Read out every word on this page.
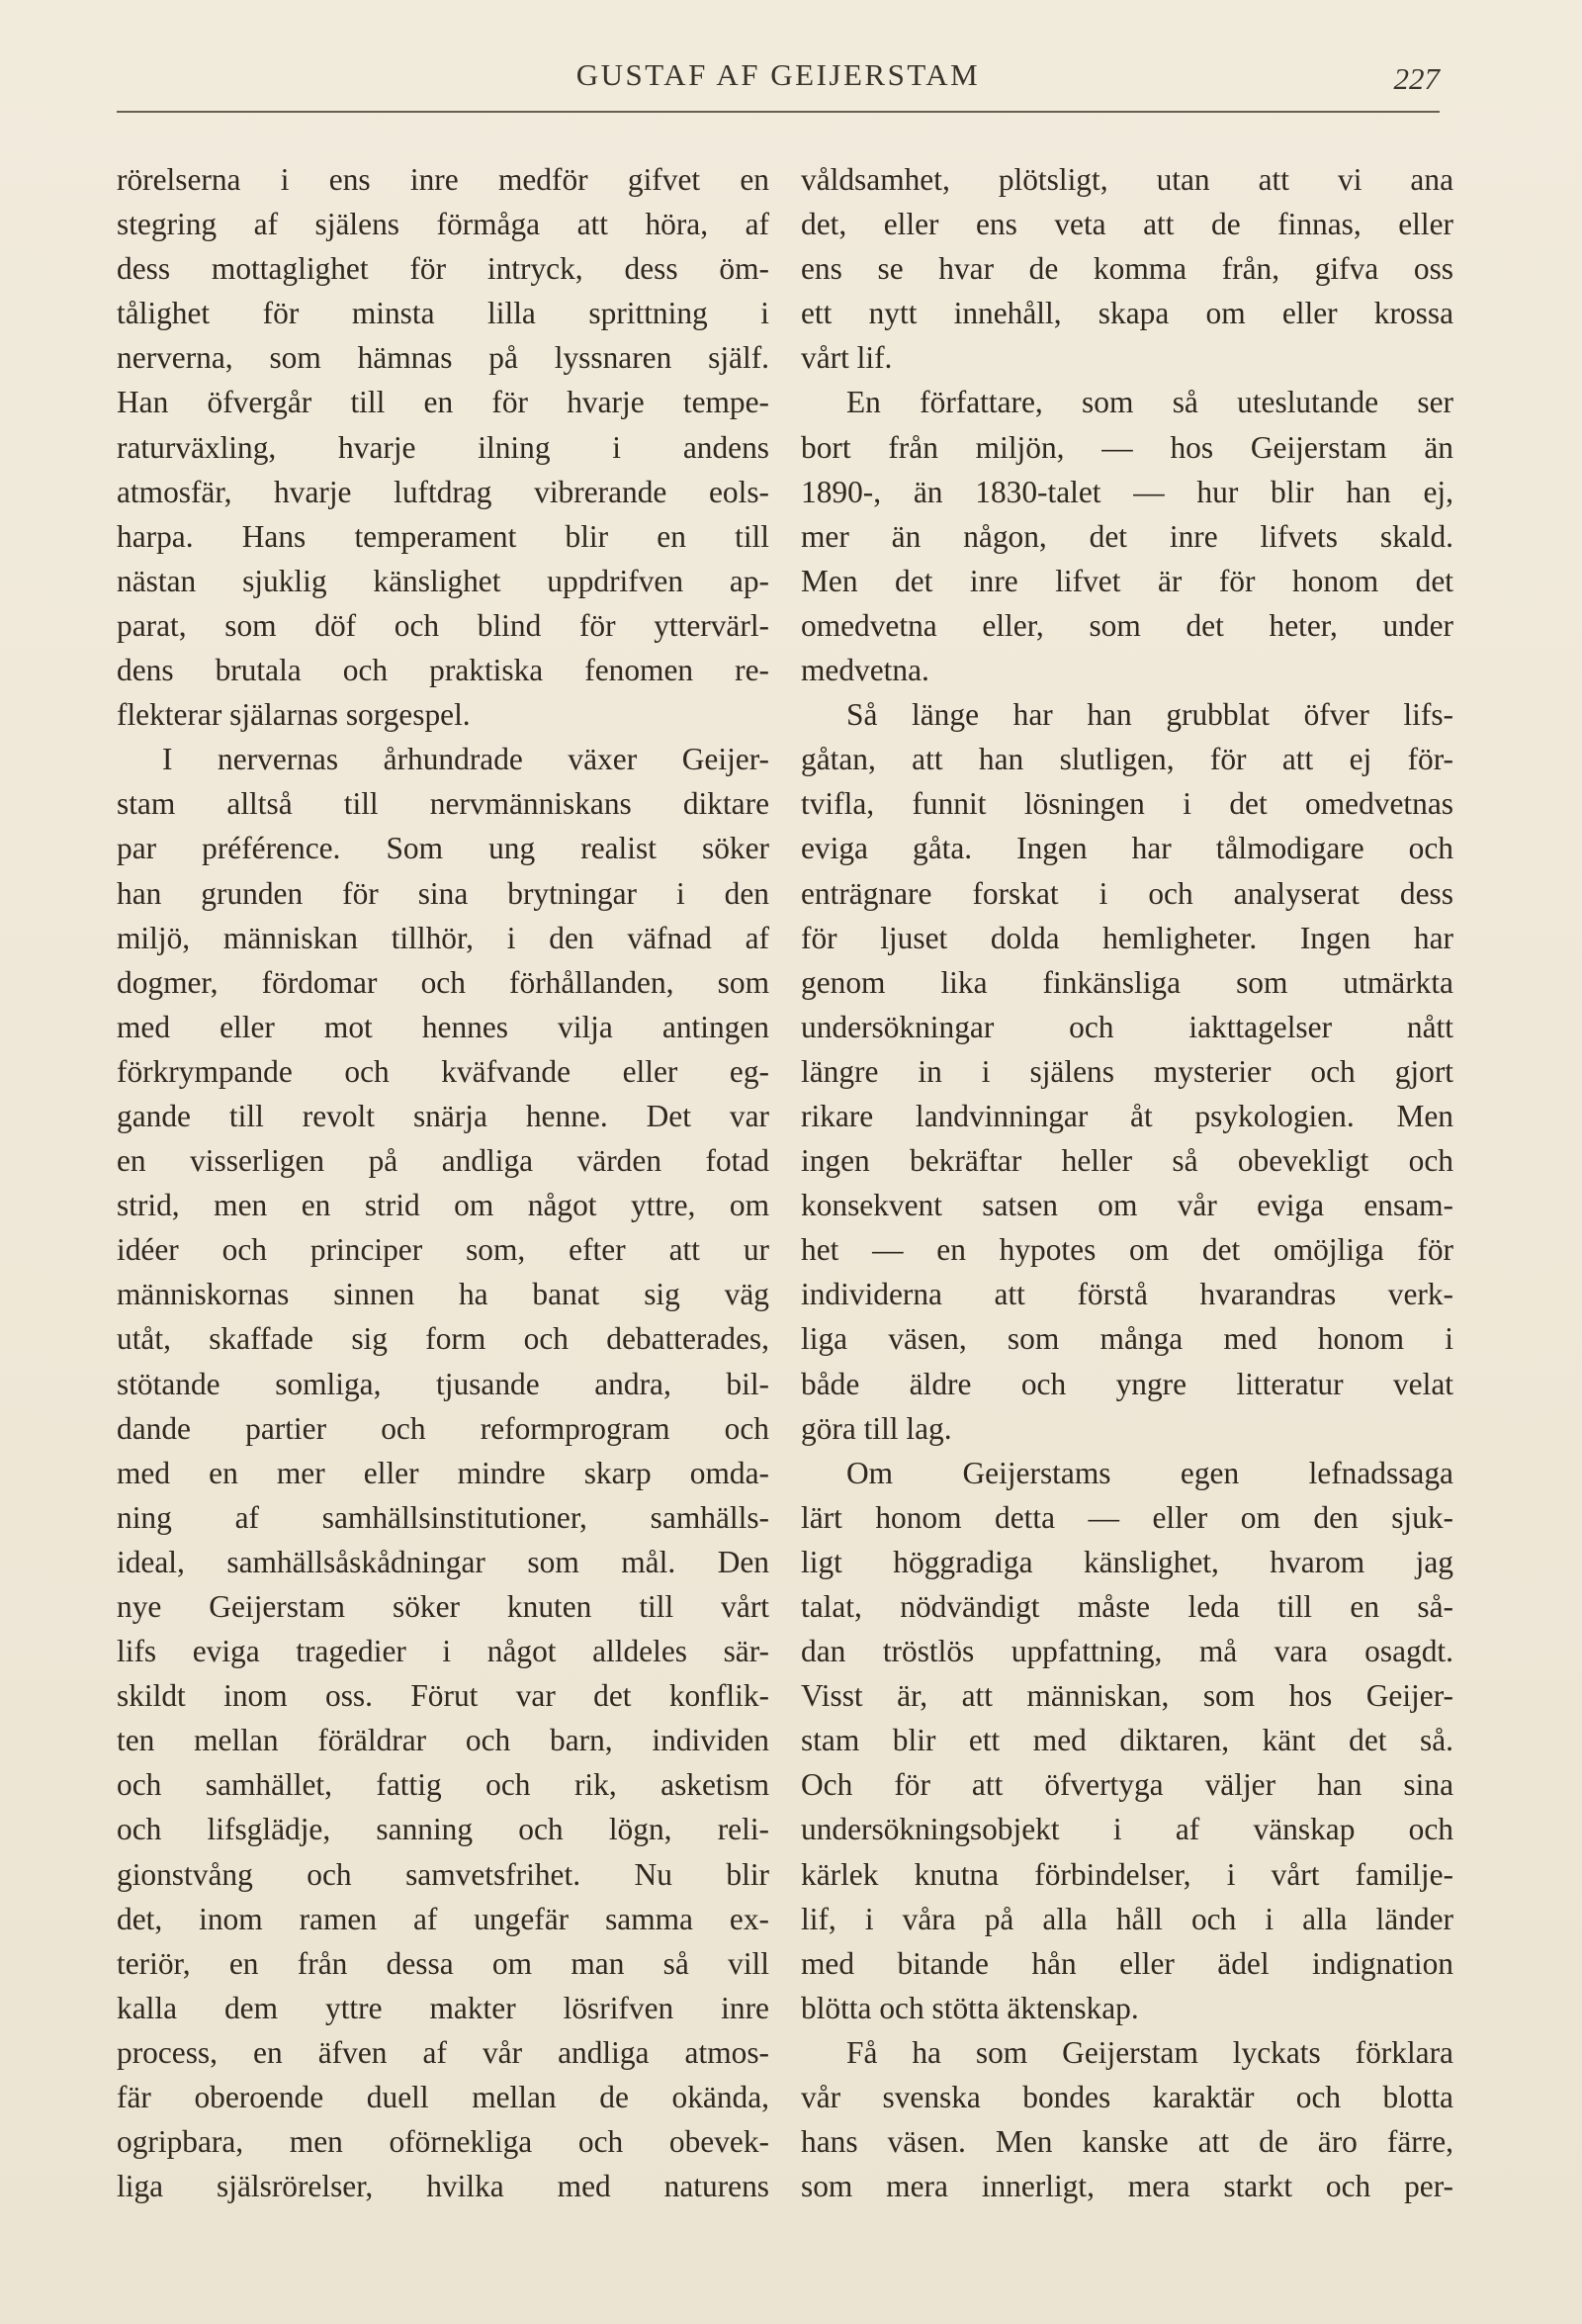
GUSTAF AF GEIJERSTAM	227
rörelserna i ens inre medför gifvet en
stegring af själens förmåga att höra, af
dess mottaglighet för intryck, dess öm-
tålighet för minsta lilla sprittning i
nerverna, som hämnas på lyssnaren själf.
Han öfvergår till en för hvarje tempe-
raturväxling, hvarje ilning i andens
atmosfär, hvarje luftdrag vibrerande eols-
harpa. Hans temperament blir en till
nästan sjuklig känslighet uppdrifven ap-
parat, som döf och blind för yttervärl-
dens brutala och praktiska fenomen re-
flekterar själarnas sorgespel.
I nervernas århundrade växer Geijer-
stam alltså till nervmänniskans diktare
par préférence. Som ung realist söker
han grunden för sina brytningar i den
miljö, människan tillhör, i den väfnad af
dogmer, fördomar och förhållanden, som
med eller mot hennes vilja antingen
förkrympande och kväfvande eller eg-
gande till revolt snärja henne. Det var
en visserligen på andliga värden fotad
strid, men en strid om något yttre, om
idéer och principer som, efter att ur
människornas sinnen ha banat sig väg
utåt, skaffade sig form och debatterades,
stötande somliga, tjusande andra, bil-
dande partier och reformprogram och
med en mer eller mindre skarp omda-
ning af samhällsinstitutioner, samhälls-
ideal, samhällsåskådningar som mål. Den
nye Geijerstam söker knuten till vårt
lifs eviga tragedier i något alldeles sär-
skildt inom oss. Förut var det konflik-
ten mellan föräldrar och barn, individen
och samhället, fattig och rik, asketism
och lifsglädje, sanning och lögn, reli-
gionstvång och samvetsfrihet. Nu blir
det, inom ramen af ungefär samma ex-
teriör, en från dessa om man så vill
kalla dem yttre makter lösrifven inre
process, en äfven af vår andliga atmos-
fär oberoende duell mellan de okända,
ogripbara, men oförnekliga och obevek-
liga själsrörelser, hvilka med naturens
våldsamhet, plötsligt, utan att vi ana
det, eller ens veta att de finnas, eller
ens se hvar de komma från, gifva oss
ett nytt innehåll, skapa om eller krossa
vårt lif.
En författare, som så uteslutande ser
bort från miljön, — hos Geijerstam än
1890-, än 1830-talet — hur blir han ej,
mer än någon, det inre lifvets skald.
Men det inre lifvet är för honom det
omedvetna eller, som det heter, under
medvetna.
Så länge har han grubblat öfver lifs-
gåtan, att han slutligen, för att ej för-
tvifla, funnit lösningen i det omedvetnas
eviga gåta. Ingen har tålmodigare och
enträgnare forskat i och analyserat dess
för ljuset dolda hemligheter. Ingen har
genom lika finkänsliga som utmärkta
undersökningar och iakttagelser nått
längre in i själens mysterier och gjort
rikare landvinningar åt psykologien. Men
ingen bekräftar heller så obevekligt och
konsekvent satsen om vår eviga ensam-
het — en hypotes om det omöjliga för
individerna att förstå hvarandras verk-
liga väsen, som många med honom i
både äldre och yngre litteratur velat
göra till lag.
Om Geijerstams egen lefnadssaga
lärt honom detta — eller om den sjuk-
ligt höggradiga känslighet, hvarom jag
talat, nödvändigt måste leda till en så-
dan tröstlös uppfattning, må vara osagdt.
Visst är, att människan, som hos Geijer-
stam blir ett med diktaren, känt det så.
Och för att öfvertyga väljer han sina
undersökningsobjekt i af vänskap och
kärlek knutna förbindelser, i vårt familje-
lif, i våra på alla håll och i alla länder
med bitande hån eller ädel indignation
blötta och stötta äktenskap.
Få ha som Geijerstam lyckats förklara
vår svenska bondes karaktär och blotta
hans väsen. Men kanske att de äro färre,
som mera innerligt, mera starkt och per-
